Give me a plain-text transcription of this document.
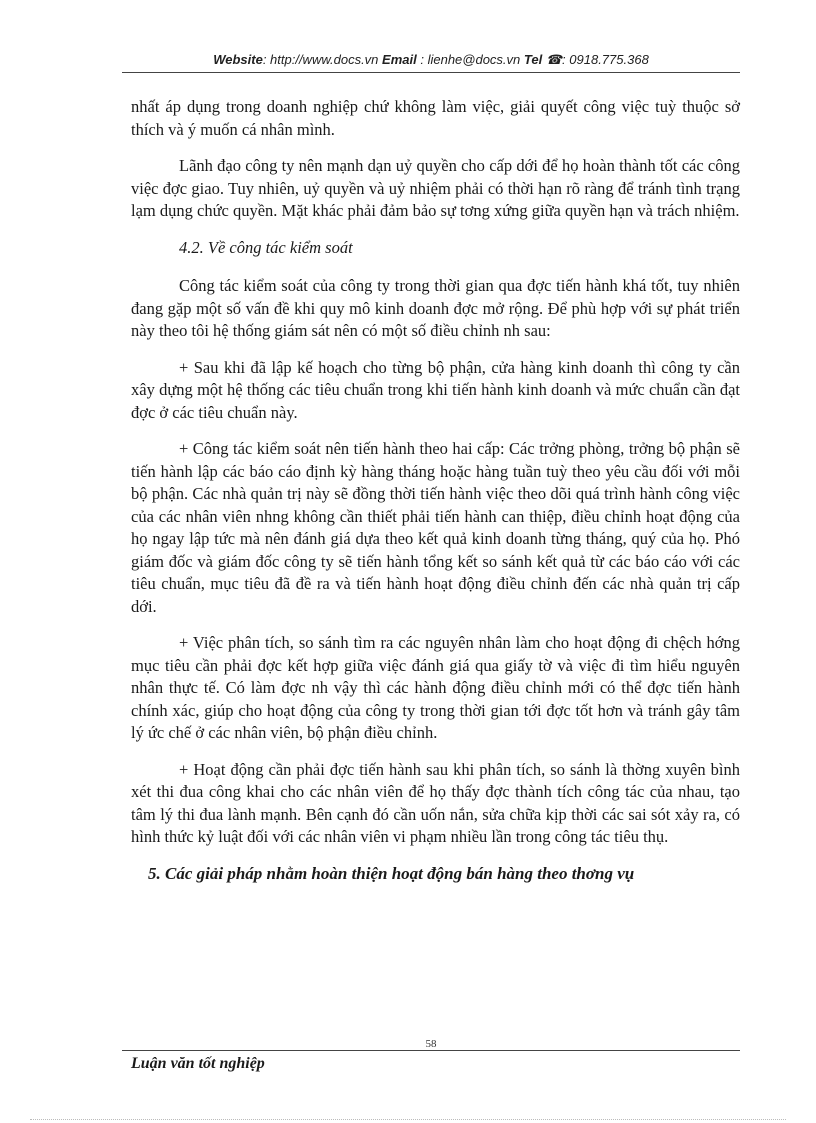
Website: http://www.docs.vn Email : lienhe@docs.vn Tel ☎: 0918.775.368

nhất áp dụng trong doanh nghiệp chứ không làm việc, giải quyết công việc tuỳ thuộc sở thích và ý muốn cá nhân mình.

Lãnh đạo công ty nên mạnh dạn uỷ quyền cho cấp dới để họ hoàn thành tốt các công việc đợc giao. Tuy nhiên, uỷ quyền và uỷ nhiệm phải có thời hạn rõ ràng để tránh tình trạng lạm dụng chức quyền. Mặt khác phải đảm bảo sự tơng xứng giữa quyền hạn và trách nhiệm.

4.2. Về công tác kiểm soát

Công tác kiểm soát của công ty trong thời gian qua đợc tiến hành khá tốt, tuy nhiên đang gặp một số vấn đề khi quy mô kinh doanh đợc mở rộng. Để phù hợp với sự phát triển này theo tôi hệ thống giám sát nên có một số điều chỉnh nh sau:

+ Sau khi đã lập kế hoạch cho từng bộ phận, cửa hàng kinh doanh thì công ty cần xây dựng một hệ thống các tiêu chuẩn trong khi tiến hành kinh doanh và mức chuẩn cần đạt đợc ở các tiêu chuẩn này.

+ Công tác kiểm soát nên tiến hành theo hai cấp: Các trởng phòng, trởng bộ phận sẽ tiến hành lập các báo cáo định kỳ hàng tháng hoặc hàng tuần tuỳ theo yêu cầu đối với mỗi bộ phận. Các nhà quản trị này sẽ đồng thời tiến hành việc theo dõi quá trình hành công việc của các nhân viên nhng không cần thiết phải tiến hành can thiệp, điều chỉnh hoạt động của họ ngay lập tức mà nên đánh giá dựa theo kết quả kinh doanh từng tháng, quý của họ. Phó giám đốc và giám đốc công ty sẽ tiến hành tổng kết so sánh kết quả từ các báo cáo với các tiêu chuẩn, mục tiêu đã đề ra và tiến hành hoạt động điều chỉnh đến các nhà quản trị cấp dới.

+ Việc phân tích, so sánh tìm ra các nguyên nhân làm cho hoạt động đi chệch hớng mục tiêu cần phải đợc kết hợp giữa việc đánh giá qua giấy tờ và việc đi tìm hiểu nguyên nhân thực tế. Có làm đợc nh vậy thì các hành động điều chỉnh mới có thể đợc tiến hành chính xác, giúp cho hoạt động của công ty trong thời gian tới đợc tốt hơn và tránh gây tâm lý ức chế ở các nhân viên, bộ phận điều chỉnh.

+ Hoạt động cần phải đợc tiến hành sau khi phân tích, so sánh là thờng xuyên bình xét thi đua công khai cho các nhân viên để họ thấy đợc thành tích công tác của nhau, tạo tâm lý thi đua lành mạnh. Bên cạnh đó cần uốn nắn, sửa chữa kịp thời các sai sót xảy ra, có hình thức kỷ luật đối với các nhân viên vi phạm nhiều lần trong công tác tiêu thụ.

5. Các giải pháp nhằm hoàn thiện hoạt động bán hàng theo thơng vụ

58
Luận văn tốt nghiệp
